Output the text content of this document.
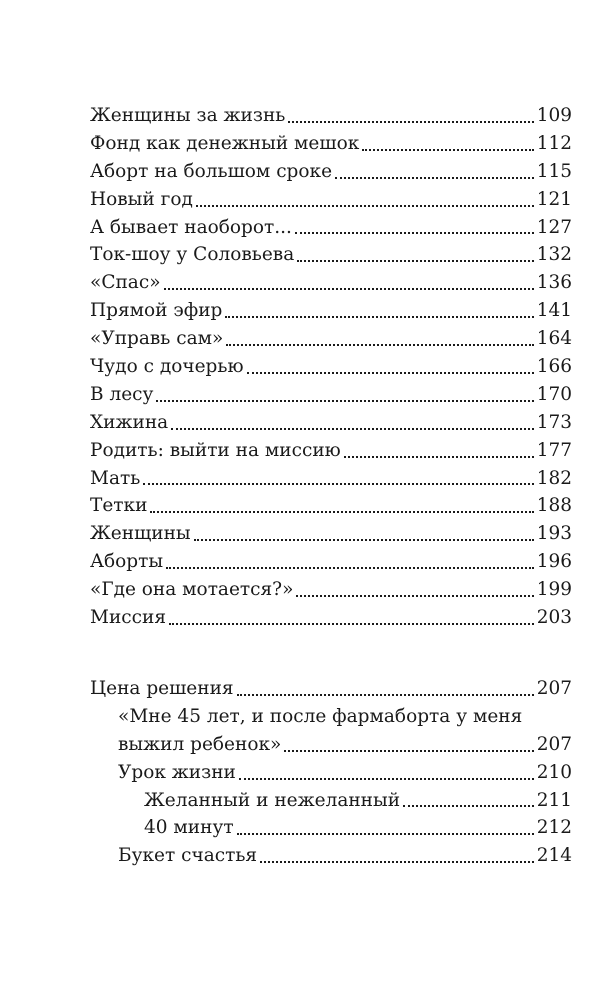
Женщины за жизнь	109
Фонд как денежный мешок	112
Аборт на большом сроке	115
Новый год	121
А бывает наоборот...	127
Ток-шоу у Соловьева	132
«Спас»	136
Прямой эфир	141
«Управь сам»	164
Чудо с дочерью	166
В лесу	170
Хижина	173
Родить: выйти на миссию	177
Мать	182
Тетки	188
Женщины	193
Аборты	196
«Где она мотается?»	199
Миссия	203
Цена решения	207
«Мне 45 лет, и после фармаборта у меня
выжил ребенок»	207
Урок жизни	210
Желанный и нежеланный	211
40 минут	212
Букет счастья	214
